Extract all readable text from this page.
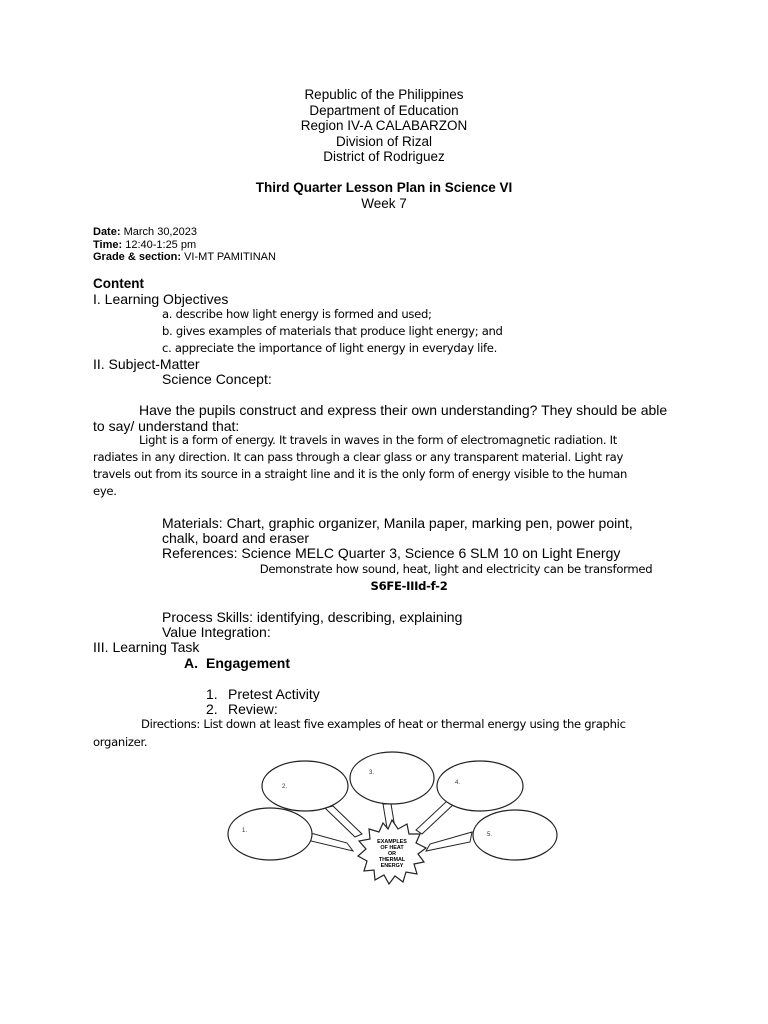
Republic of the Philippines
Department of Education
Region IV-A CALABARZON
Division of Rizal
District of Rodriguez
Third Quarter Lesson Plan in Science VI
Week 7
Date: March 30,2023
Time: 12:40-1:25 pm
Grade & section: VI-MT PAMITINAN
Content
I. Learning Objectives
a. describe how light energy is formed and used;
b. gives examples of materials that produce light energy; and
c. appreciate the importance of light energy in everyday life.
II. Subject-Matter
Science Concept:
Have the pupils construct and express their own understanding? They should be able
to say/ understand that:
Light is a form of energy. It travels in waves in the form of electromagnetic radiation. It
radiates in any direction. It can pass through a clear glass or any transparent material. Light ray
travels out from its source in a straight line and it is the only form of energy visible to the human
eye.
Materials: Chart, graphic organizer, Manila paper, marking pen, power point,
chalk, board and eraser
References: Science MELC Quarter 3, Science 6 SLM 10 on Light Energy
Demonstrate how sound, heat, light and electricity can be transformed
S6FE-IIId-f-2
Process Skills: identifying, describing, explaining
Value Integration:
III. Learning Task
A. Engagement
1. Pretest Activity
2. Review:
Directions: List down at least five examples of heat or thermal energy using the graphic
organizer.
EXAMPLES
OF HEAT
OR
THERMAL
ENERGY
1.
2.
3.
4.
5.
